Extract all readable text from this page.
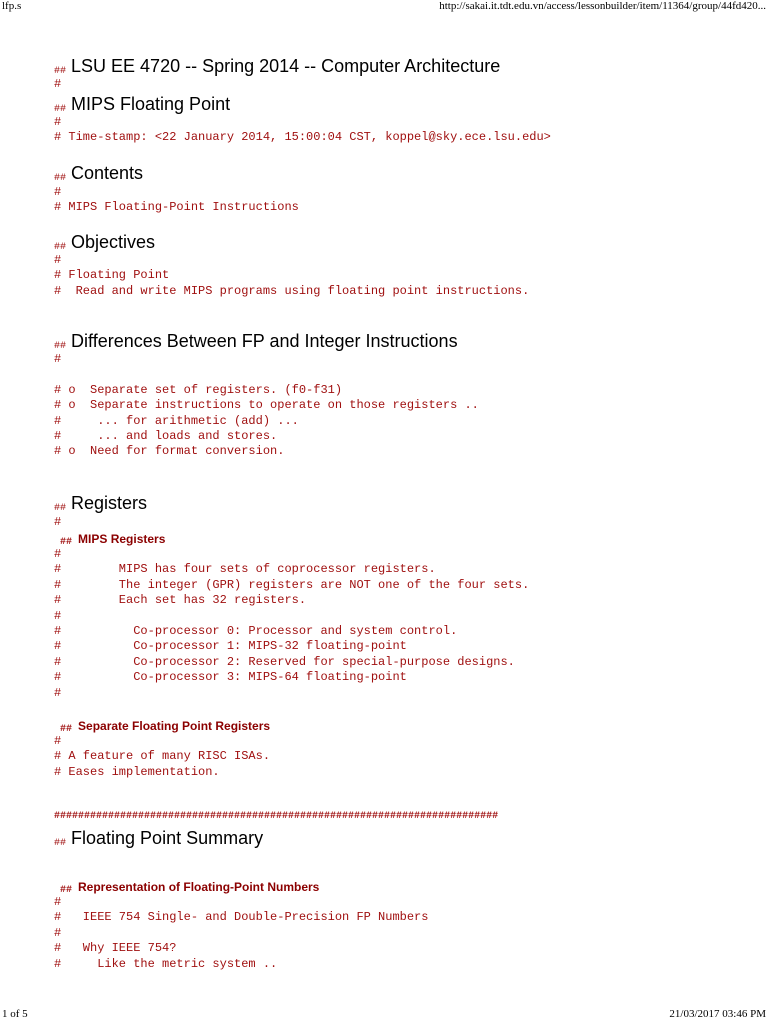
lfp.s	http://sakai.it.tdt.edu.vn/access/lessonbuilder/item/11364/group/44fd420...
## LSU EE 4720 -- Spring 2014 -- Computer Architecture
#
## MIPS Floating Point
#
# Time-stamp: <22 January 2014, 15:00:04 CST, koppel@sky.ece.lsu.edu>
## Contents
#
# MIPS Floating-Point Instructions
## Objectives
#
# Floating Point
#  Read and write MIPS programs using floating point instructions.
## Differences Between FP and Integer Instructions
#

# o  Separate set of registers. (f0-f31)
# o  Separate instructions to operate on those registers ..
#     ... for arithmetic (add) ...
#     ... and loads and stores.
# o  Need for format conversion.
## Registers
#
## MIPS Registers
#
#        MIPS has four sets of coprocessor registers.
#        The integer (GPR) registers are NOT one of the four sets.
#        Each set has 32 registers.
#
#          Co-processor 0: Processor and system control.
#          Co-processor 1: MIPS-32 floating-point
#          Co-processor 2: Reserved for special-purpose designs.
#          Co-processor 3: MIPS-64 floating-point
#
## Separate Floating Point Registers
#
# A feature of many RISC ISAs.
# Eases implementation.
##########################################################################
## Floating Point Summary
## Representation of Floating-Point Numbers
#
#   IEEE 754 Single- and Double-Precision FP Numbers
#
#   Why IEEE 754?
#     Like the metric system ..
1 of 5	21/03/2017 03:46 PM
